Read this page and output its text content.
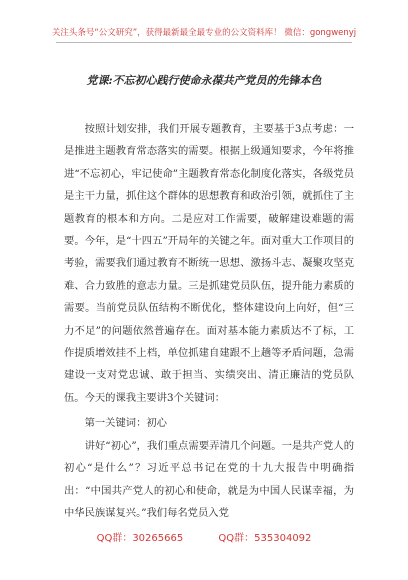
关注头条号“公文研究”，获得最新最全最专业的公文资料库！ 微信：gongwenyj
党课:不忘初心践行使命永葆共产党员的先锋本色

按照计划安排，我们开展专题教育，主要基于3点考虑：一是推进主题教育常态落实的需要。根据上级通知要求，今年将推进“不忘初心，牢记使命”主题教育常态化制度化落实，各级党员是主干力量，抓住这个群体的思想教育和政治引领，就抓住了主题教育的根本和方向。二是应对工作需要，破解建设难题的需要。今年，是“十四五”开局年的关键之年。面对重大工作项目的考验，需要我们通过教育不断统一思想、激扬斗志、凝聚攻坚克难、合力致胜的意志力量。三是抓建党员队伍，提升能力素质的需要。当前党员队伍结构不断优化，整体建设向上向好，但“三力不足”的问题依然普遍存在。面对基本能力素质达不了标，工作提质增效挂不上档，单位抓建自建跟不上趟等矛盾问题，急需建设一支对党忠诚、敢于担当、实绩突出、清正廉洁的党员队伍。今天的课我主要讲3个关键词：

第一关键词：初心

讲好“初心”，我们重点需要弄清几个问题。一是共产党人的初心“是什么”？习近平总书记在党的十九大报告中明确指出：“中国共产党人的初心和使命，就是为中国人民谋幸福，为中华民族谋复兴。”我们每名党员入党

QQ群：30265665	QQ群：535304092
